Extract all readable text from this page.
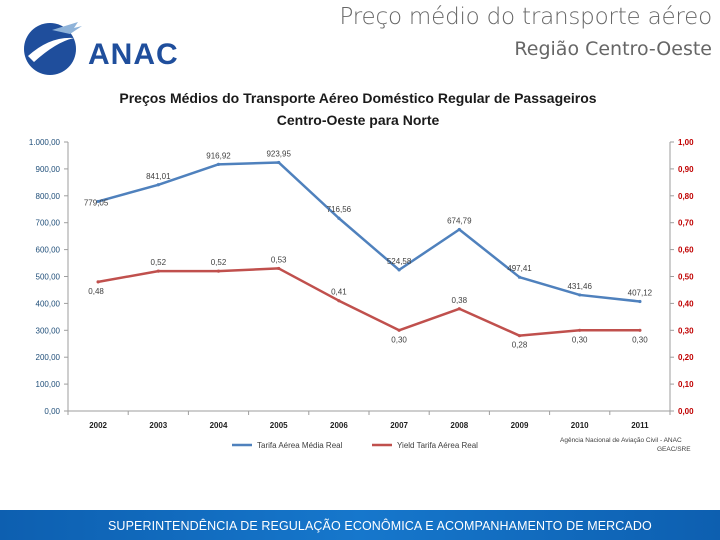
ANAC
Preço médio do transporte aéreo
Região Centro-Oeste
Preços Médios do Transporte Aéreo Doméstico Regular de Passageiros
Centro-Oeste para Norte
0,00
100,00
200,00
300,00
400,00
500,00
600,00
700,00
800,00
900,00
1.000,00
0,00
0,10
0,20
0,30
0,40
0,50
0,60
0,70
0,80
0,90
1,00
2002	2003	2004	2005	2006	2007	2008	2009	2010	2011
779,05
841,01
916,92	923,95
716,56
524,58
674,79
497,41
431,46
407,12
0,48
0,52	0,52	0,53
0,41
0,30
0,38
0,28
0,30	0,30
Tarifa Aérea Média Real	Yield Tarifa Aérea Real
Agência Nacional de Aviação Civil - ANAC
GEAC/SRE
SUPERINTENDÊNCIA DE REGULAÇÃO ECONÔMICA E ACOMPANHAMENTO DE MERCADO
